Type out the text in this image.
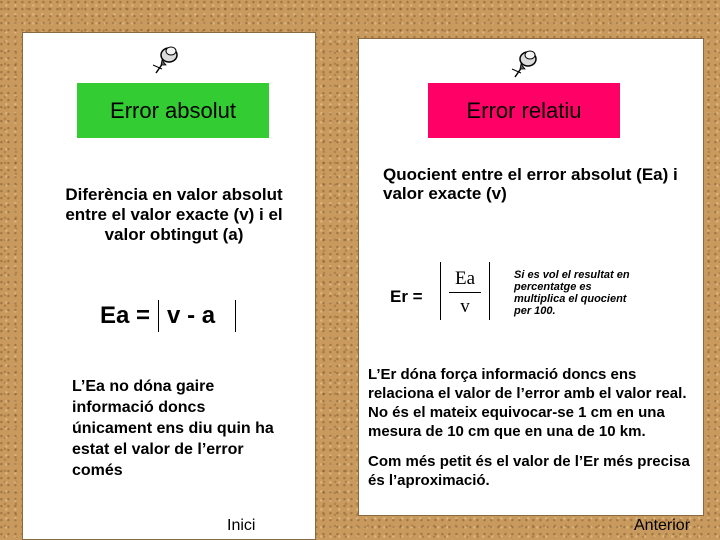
Error absolut	Error relatiu
Diferència en valor absolut entre el valor exacte (v) i el valor obtingut (a)
Ea = v - a
L’Ea no dóna gaire informació doncs únicament ens diu quin ha estat el valor de l’error comés
Quocient entre el error absolut (Ea) i valor exacte (v)
Er =
Ea
v
Si es vol el resultat en percentatge es multiplica el quocient per 100.
L’Er dóna força informació doncs ens relaciona el valor de l’error amb el valor real. No és el mateix equivocar-se 1 cm en una mesura de 10 cm que en una de 10 km.
Com més petit és el valor de l’Er més precisa és l’aproximació.
Inici	Anterior
